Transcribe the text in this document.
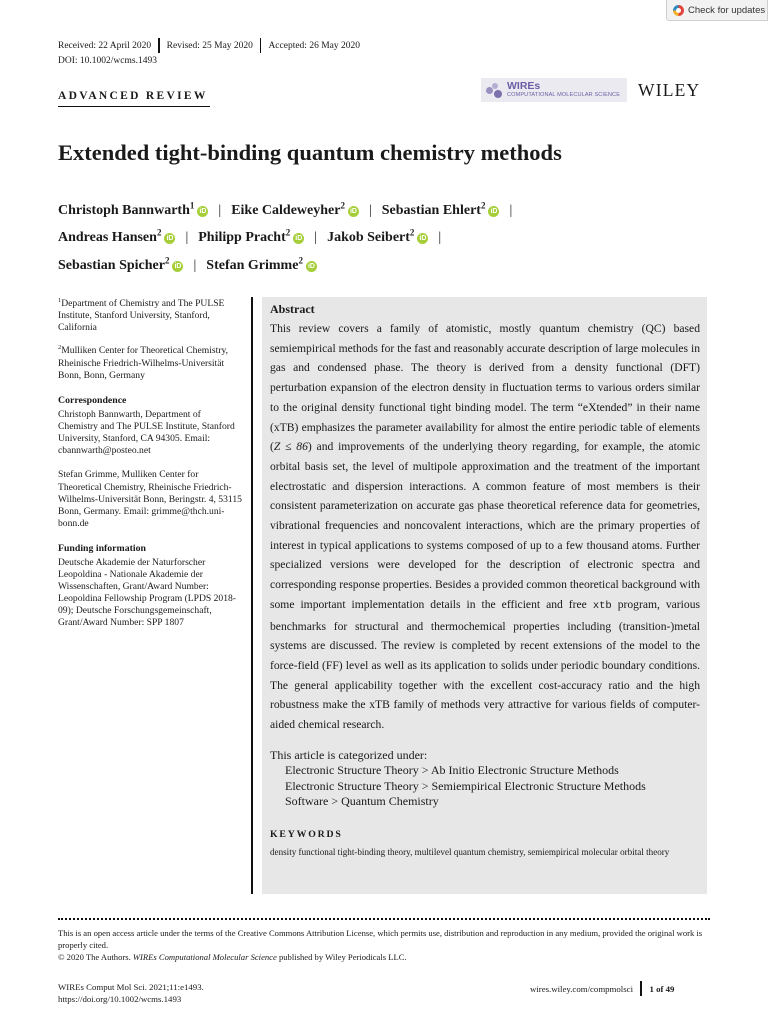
Check for updates
Received: 22 April 2020 Revised: 25 May 2020 Accepted: 26 May 2020
DOI: 10.1002/wcms.1493
ADVANCED REVIEW
WIREs
COMPUTATIONAL MOLECULAR SCIENCE WILEY
Extended tight-binding quantum chemistry methods
Christoph Bannwarth$^1$iD | Eike Caldeweyher$^2$iD | Sebastian Ehlert$^2$iD |
Andreas Hansen$^2$iD | Philipp Pracht$^2$iD | Jakob Seibert$^2$iD |
Sebastian Spicher$^2$iD | Stefan Grimme$^2$iD

$^1$Department of Chemistry and The PULSE Institute, Stanford University, Stanford, California

$^2$Mulliken Center for Theoretical Chemistry, Rheinische Friedrich-Wilhelms-Universität Bonn, Bonn, Germany

Correspondence

Christoph Bannwarth, Department of Chemistry and The PULSE Institute, Stanford University, Stanford, CA 94305. Email: cbannwarth@posteo.net

Stefan Grimme, Mulliken Center for Theoretical Chemistry, Rheinische Friedrich-Wilhelms-Universität Bonn, Beringstr. 4, 53115 Bonn, Germany. Email: grimme@thch.uni-bonn.de

Funding information

Deutsche Akademie der Naturforscher Leopoldina - Nationale Akademie der Wissenschaften, Grant/Award Number: Leopoldina Fellowship Program (LPDS 2018-09); Deutsche Forschungsgemeinschaft, Grant/Award Number: SPP 1807

Abstract

This review covers a family of atomistic, mostly quantum chemistry (QC) based semiempirical methods for the fast and reasonably accurate description of large molecules in gas and condensed phase. The theory is derived from a density functional (DFT) perturbation expansion of the electron density in fluctuation terms to various orders similar to the original density functional tight binding model. The term “eXtended” in their name (xTB) emphasizes the parameter availability for almost the entire periodic table of elements (Z ≤ 86) and improvements of the underlying theory regarding, for example, the atomic orbital basis set, the level of multipole approximation and the treatment of the important electrostatic and dispersion interactions. A common feature of most members is their consistent parameterization on accurate gas phase theoretical reference data for geometries, vibrational frequencies and noncovalent interactions, which are the primary properties of interest in typical applications to systems composed of up to a few thousand atoms. Further specialized versions were developed for the description of electronic spectra and corresponding response properties. Besides a provided common theoretical background with some important implementation details in the efficient and free xtb program, various benchmarks for structural and thermochemical properties including (transition-)metal systems are discussed. The review is completed by recent extensions of the model to the force-field (FF) level as well as its application to solids under periodic boundary conditions. The general applicability together with the excellent cost-accuracy ratio and the high robustness make the xTB family of methods very attractive for various fields of computer-aided chemical research.

This article is categorized under:
Electronic Structure Theory > Ab Initio Electronic Structure Methods
Electronic Structure Theory > Semiempirical Electronic Structure Methods
Software > Quantum Chemistry
KEYWORDS
density functional tight-binding theory, multilevel quantum chemistry, semiempirical molecular orbital theory

This is an open access article under the terms of the Creative Commons Attribution License, which permits use, distribution and reproduction in any medium, provided the original work is properly cited.

© 2020 The Authors. WIREs Computational Molecular Science published by Wiley Periodicals LLC.

WIREs Comput Mol Sci. 2021;11:e1493.
https://doi.org/10.1002/wcms.1493
wires.wiley.com/compmolsci 1 of 49
